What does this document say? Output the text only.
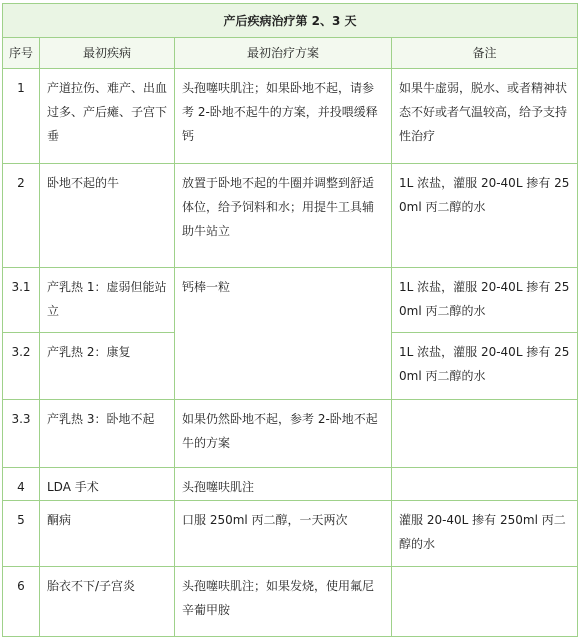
产后疾病治疗第 2、3 天			
序号	最初疾病	最初治疗方案	备注
1	产道拉伤、难产、出血过多、产后瘫、子宫下垂	头孢噻呋肌注；如果卧地不起，请参考 2-卧地不起牛的方案，并投喂缓释钙	如果牛虚弱，脱水、或者精神状态不好或者气温较高，给予支持性治疗
2	卧地不起的牛	放置于卧地不起的牛圈并调整到舒适体位，给予饲料和水；用提牛工具辅助牛站立	1L 浓盐，灌服 20-40L 掺有 250ml 丙二醇的水
3.1	产乳热 1：虚弱但能站立	钙棒一粒	1L 浓盐，灌服 20-40L 掺有 250ml 丙二醇的水
3.2	产乳热 2：康复		1L 浓盐，灌服 20-40L 掺有 250ml 丙二醇的水
3.3	产乳热 3：卧地不起	如果仍然卧地不起，参考 2-卧地不起牛的方案	
4	LDA 手术	头孢噻呋肌注	
5	酮病	口服 250ml 丙二醇，一天两次	灌服 20-40L 掺有 250ml 丙二醇的水
6	胎衣不下/子宫炎	头孢噻呋肌注；如果发烧，使用氟尼辛葡甲胺	
